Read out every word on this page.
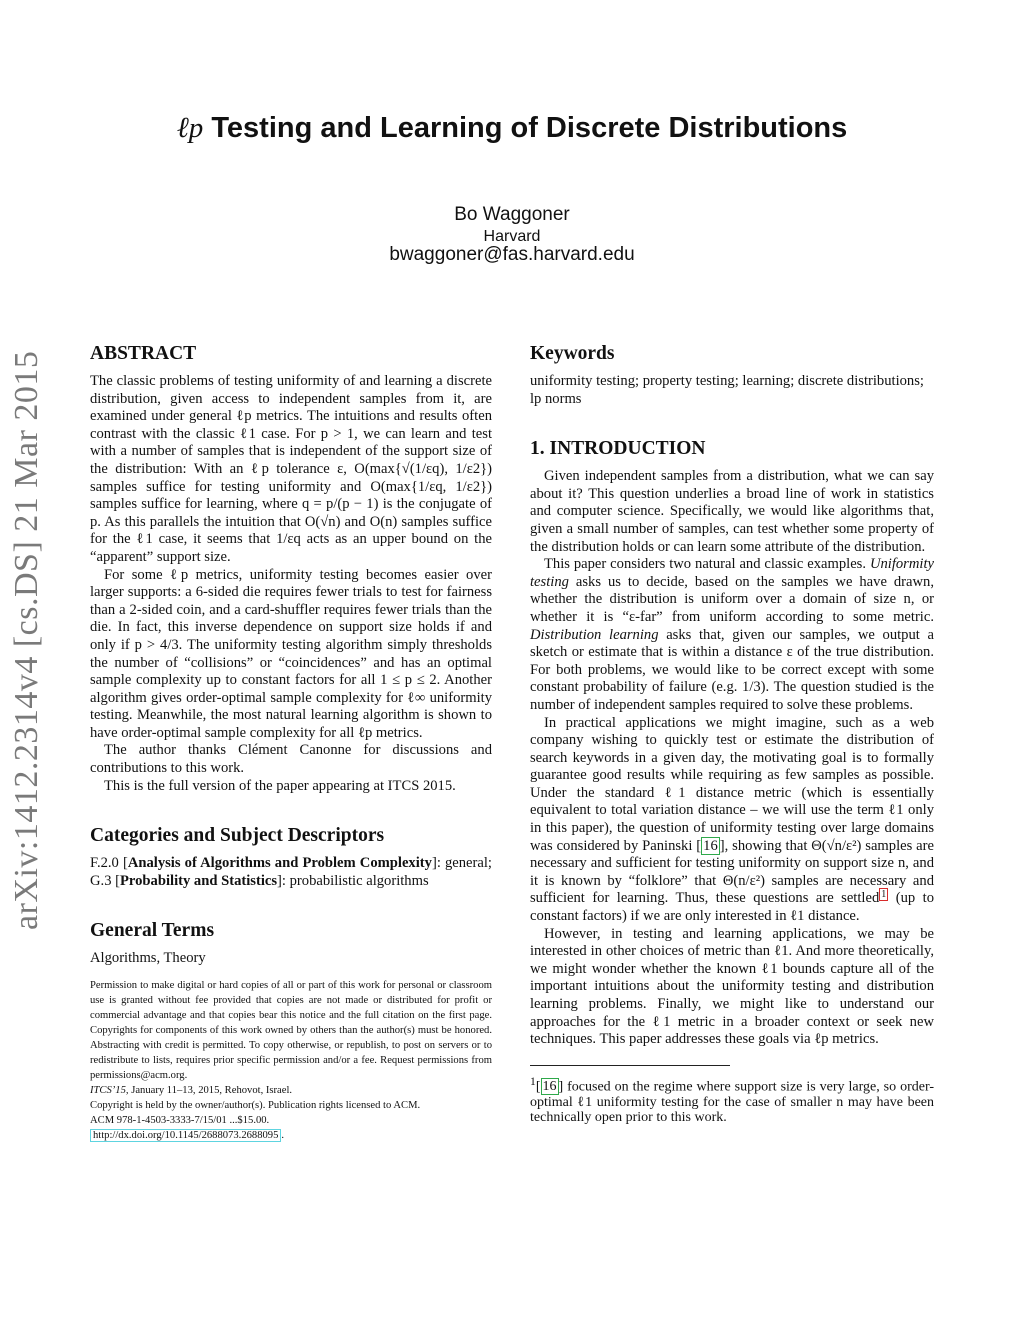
ℓp Testing and Learning of Discrete Distributions
Bo Waggoner
Harvard
bwaggoner@fas.harvard.edu
arXiv:1412.2314v4 [cs.DS] 21 Mar 2015	ABSTRACT

The classic problems of testing uniformity of and learning a discrete distribution, given access to independent samples from it, are examined under general ℓp metrics. The intuitions and results often contrast with the classic ℓ1 case. For p > 1, we can learn and test with a number of samples that is independent of the support size of the distribution: With an ℓp tolerance ε, O(max{√(1/εq), 1/ε2}) samples suffice for testing uniformity and O(max{1/εq, 1/ε2}) samples suffice for learning, where q = p/(p − 1) is the conjugate of p. As this parallels the intuition that O(√n) and O(n) samples suffice for the ℓ1 case, it seems that 1/εq acts as an upper bound on the “apparent” support size.

For some ℓp metrics, uniformity testing becomes easier over larger supports: a 6-sided die requires fewer trials to test for fairness than a 2-sided coin, and a card-shuffler requires fewer trials than the die. In fact, this inverse dependence on support size holds if and only if p > 4/3. The uniformity testing algorithm simply thresholds the number of “collisions” or “coincidences” and has an optimal sample complexity up to constant factors for all 1 ≤ p ≤ 2. Another algorithm gives order-optimal sample complexity for ℓ∞ uniformity testing. Meanwhile, the most natural learning algorithm is shown to have order-optimal sample complexity for all ℓp metrics.

The author thanks Clément Canonne for discussions and contributions to this work.

This is the full version of the paper appearing at ITCS 2015.

Categories and Subject Descriptors

F.2.0 [Analysis of Algorithms and Problem Complexity]: general; G.3 [Probability and Statistics]: probabilistic algorithms

General Terms

Algorithms, Theory

Permission to make digital or hard copies of all or part of this work for personal or classroom use is granted without fee provided that copies are not made or distributed for profit or commercial advantage and that copies bear this notice and the full citation on the first page. Copyrights for components of this work owned by others than the author(s) must be honored. Abstracting with credit is permitted. To copy otherwise, or republish, to post on servers or to redistribute to lists, requires prior specific permission and/or a fee. Request permissions from permissions@acm.org.

ITCS’15, January 11–13, 2015, Rehovot, Israel.

Copyright is held by the owner/author(s). Publication rights licensed to ACM.

ACM 978-1-4503-3333-7/15/01 ...$15.00.

http://dx.doi.org/10.1145/2688073.2688095 .

Keywords

uniformity testing; property testing; learning; discrete distributions; lp norms

1. INTRODUCTION

Given independent samples from a distribution, what we can say about it? This question underlies a broad line of work in statistics and computer science. Specifically, we would like algorithms that, given a small number of samples, can test whether some property of the distribution holds or can learn some attribute of the distribution.

This paper considers two natural and classic examples. Uniformity testing asks us to decide, based on the samples we have drawn, whether the distribution is uniform over a domain of size n, or whether it is “ε-far” from uniform according to some metric. Distribution learning asks that, given our samples, we output a sketch or estimate that is within a distance ε of the true distribution. For both problems, we would like to be correct except with some constant probability of failure (e.g. 1/3). The question studied is the number of independent samples required to solve these problems.

In practical applications we might imagine, such as a web company wishing to quickly test or estimate the distribution of search keywords in a given day, the motivating goal is to formally guarantee good results while requiring as few samples as possible. Under the standard ℓ1 distance metric (which is essentially equivalent to total variation distance – we will use the term ℓ1 only in this paper), the question of uniformity testing over large domains was considered by Paninski [ 16 ], showing that Θ(√n/ε²) samples are necessary and sufficient for testing uniformity on support size n, and it is known by “folklore” that Θ(n/ε²) samples are necessary and sufficient for learning. Thus, these questions are settled $^1$ (up to constant factors) if we are only interested in ℓ1 distance.

However, in testing and learning applications, we may be interested in other choices of metric than ℓ1. And more theoretically, we might wonder whether the known ℓ1 bounds capture all of the important intuitions about the uniformity testing and distribution learning problems. Finally, we might like to understand our approaches for the ℓ1 metric in a broader context or seek new techniques. This paper addresses these goals via ℓp metrics.

$^1$[ 16 ] focused on the regime where support size is very large, so order-optimal ℓ1 uniformity testing for the case of smaller n may have been technically open prior to this work.
